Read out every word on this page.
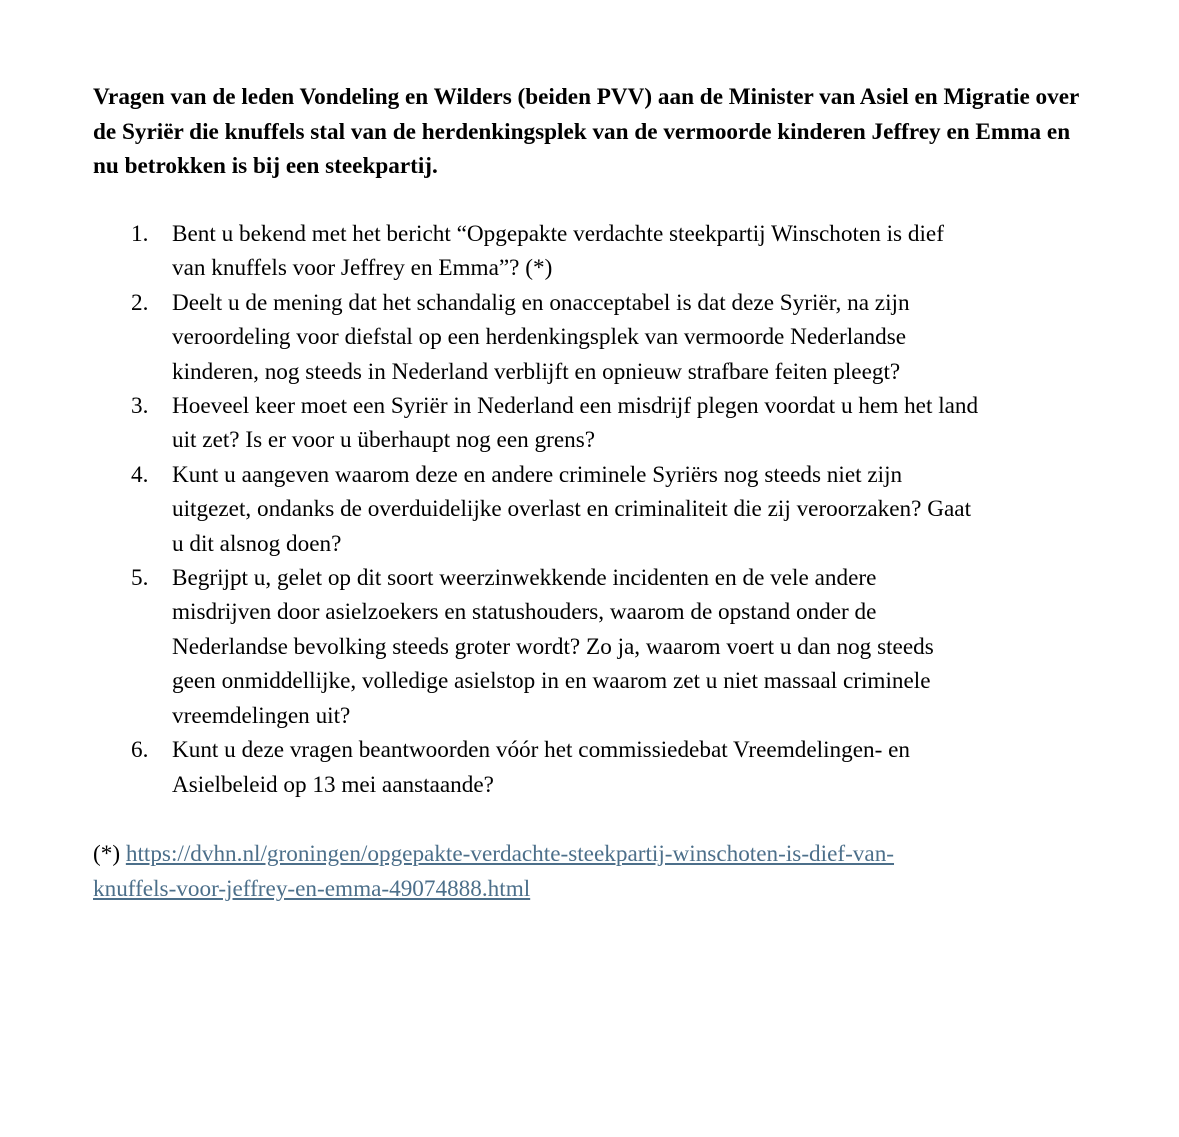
Vragen van de leden Vondeling en Wilders (beiden PVV) aan de Minister van Asiel en Migratie over de Syriër die knuffels stal van de herdenkingsplek van de vermoorde kinderen Jeffrey en Emma en nu betrokken is bij een steekpartij.

1. Bent u bekend met het bericht “Opgepakte verdachte steekpartij Winschoten is dief
van knuffels voor Jeffrey en Emma”? (*)
2. Deelt u de mening dat het schandalig en onacceptabel is dat deze Syriër, na zijn
veroordeling voor diefstal op een herdenkingsplek van vermoorde Nederlandse
kinderen, nog steeds in Nederland verblijft en opnieuw strafbare feiten pleegt?
3. Hoeveel keer moet een Syriër in Nederland een misdrijf plegen voordat u hem het land
uit zet? Is er voor u überhaupt nog een grens?
4. Kunt u aangeven waarom deze en andere criminele Syriërs nog steeds niet zijn
uitgezet, ondanks de overduidelijke overlast en criminaliteit die zij veroorzaken? Gaat
u dit alsnog doen?
5. Begrijpt u, gelet op dit soort weerzinwekkende incidenten en de vele andere
misdrijven door asielzoekers en statushouders, waarom de opstand onder de
Nederlandse bevolking steeds groter wordt? Zo ja, waarom voert u dan nog steeds
geen onmiddellijke, volledige asielstop in en waarom zet u niet massaal criminele
vreemdelingen uit?
6. Kunt u deze vragen beantwoorden vóór het commissiedebat Vreemdelingen- en
Asielbeleid op 13 mei aanstaande?

(*) https://dvhn.nl/groningen/opgepakte-verdachte-steekpartij-winschoten-is-dief-van-
knuffels-voor-jeffrey-en-emma-49074888.html
